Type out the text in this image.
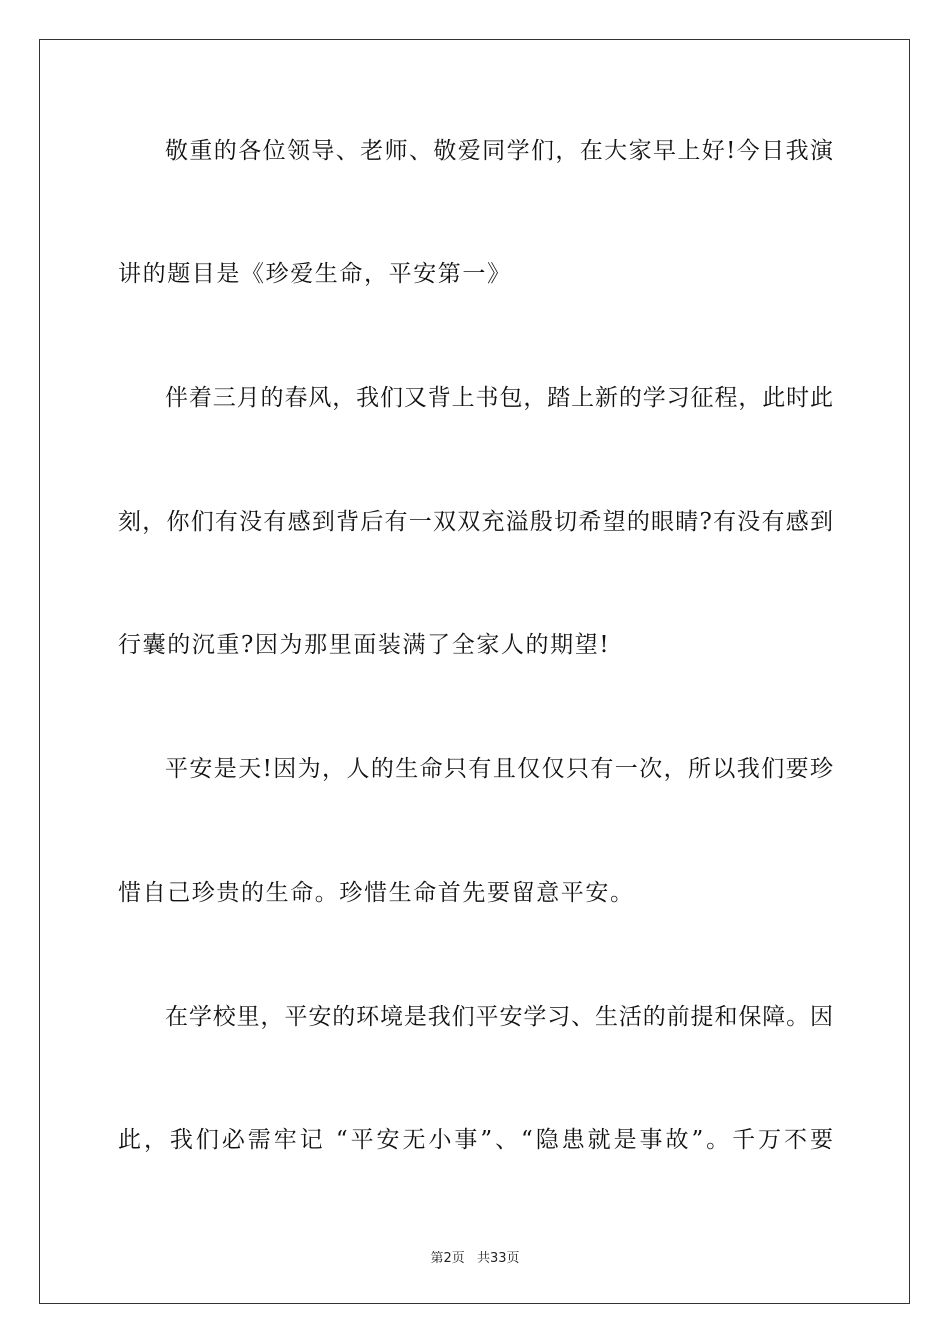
敬重的各位领导、老师、敬爱同学们，在大家早上好!今日我演
讲的题目是《珍爱生命，平安第一》
伴着三月的春风，我们又背上书包，踏上新的学习征程，此时此
刻，你们有没有感到背后有一双双充溢殷切希望的眼睛?有没有感到
行囊的沉重?因为那里面装满了全家人的期望!
平安是天!因为，人的生命只有且仅仅只有一次，所以我们要珍
惜自己珍贵的生命。珍惜生命首先要留意平安。
在学校里，平安的环境是我们平安学习、生活的前提和保障。因
此，我们必需牢记 “平安无小事”、“隐患就是事故”。千万不要
第2页 共33页
